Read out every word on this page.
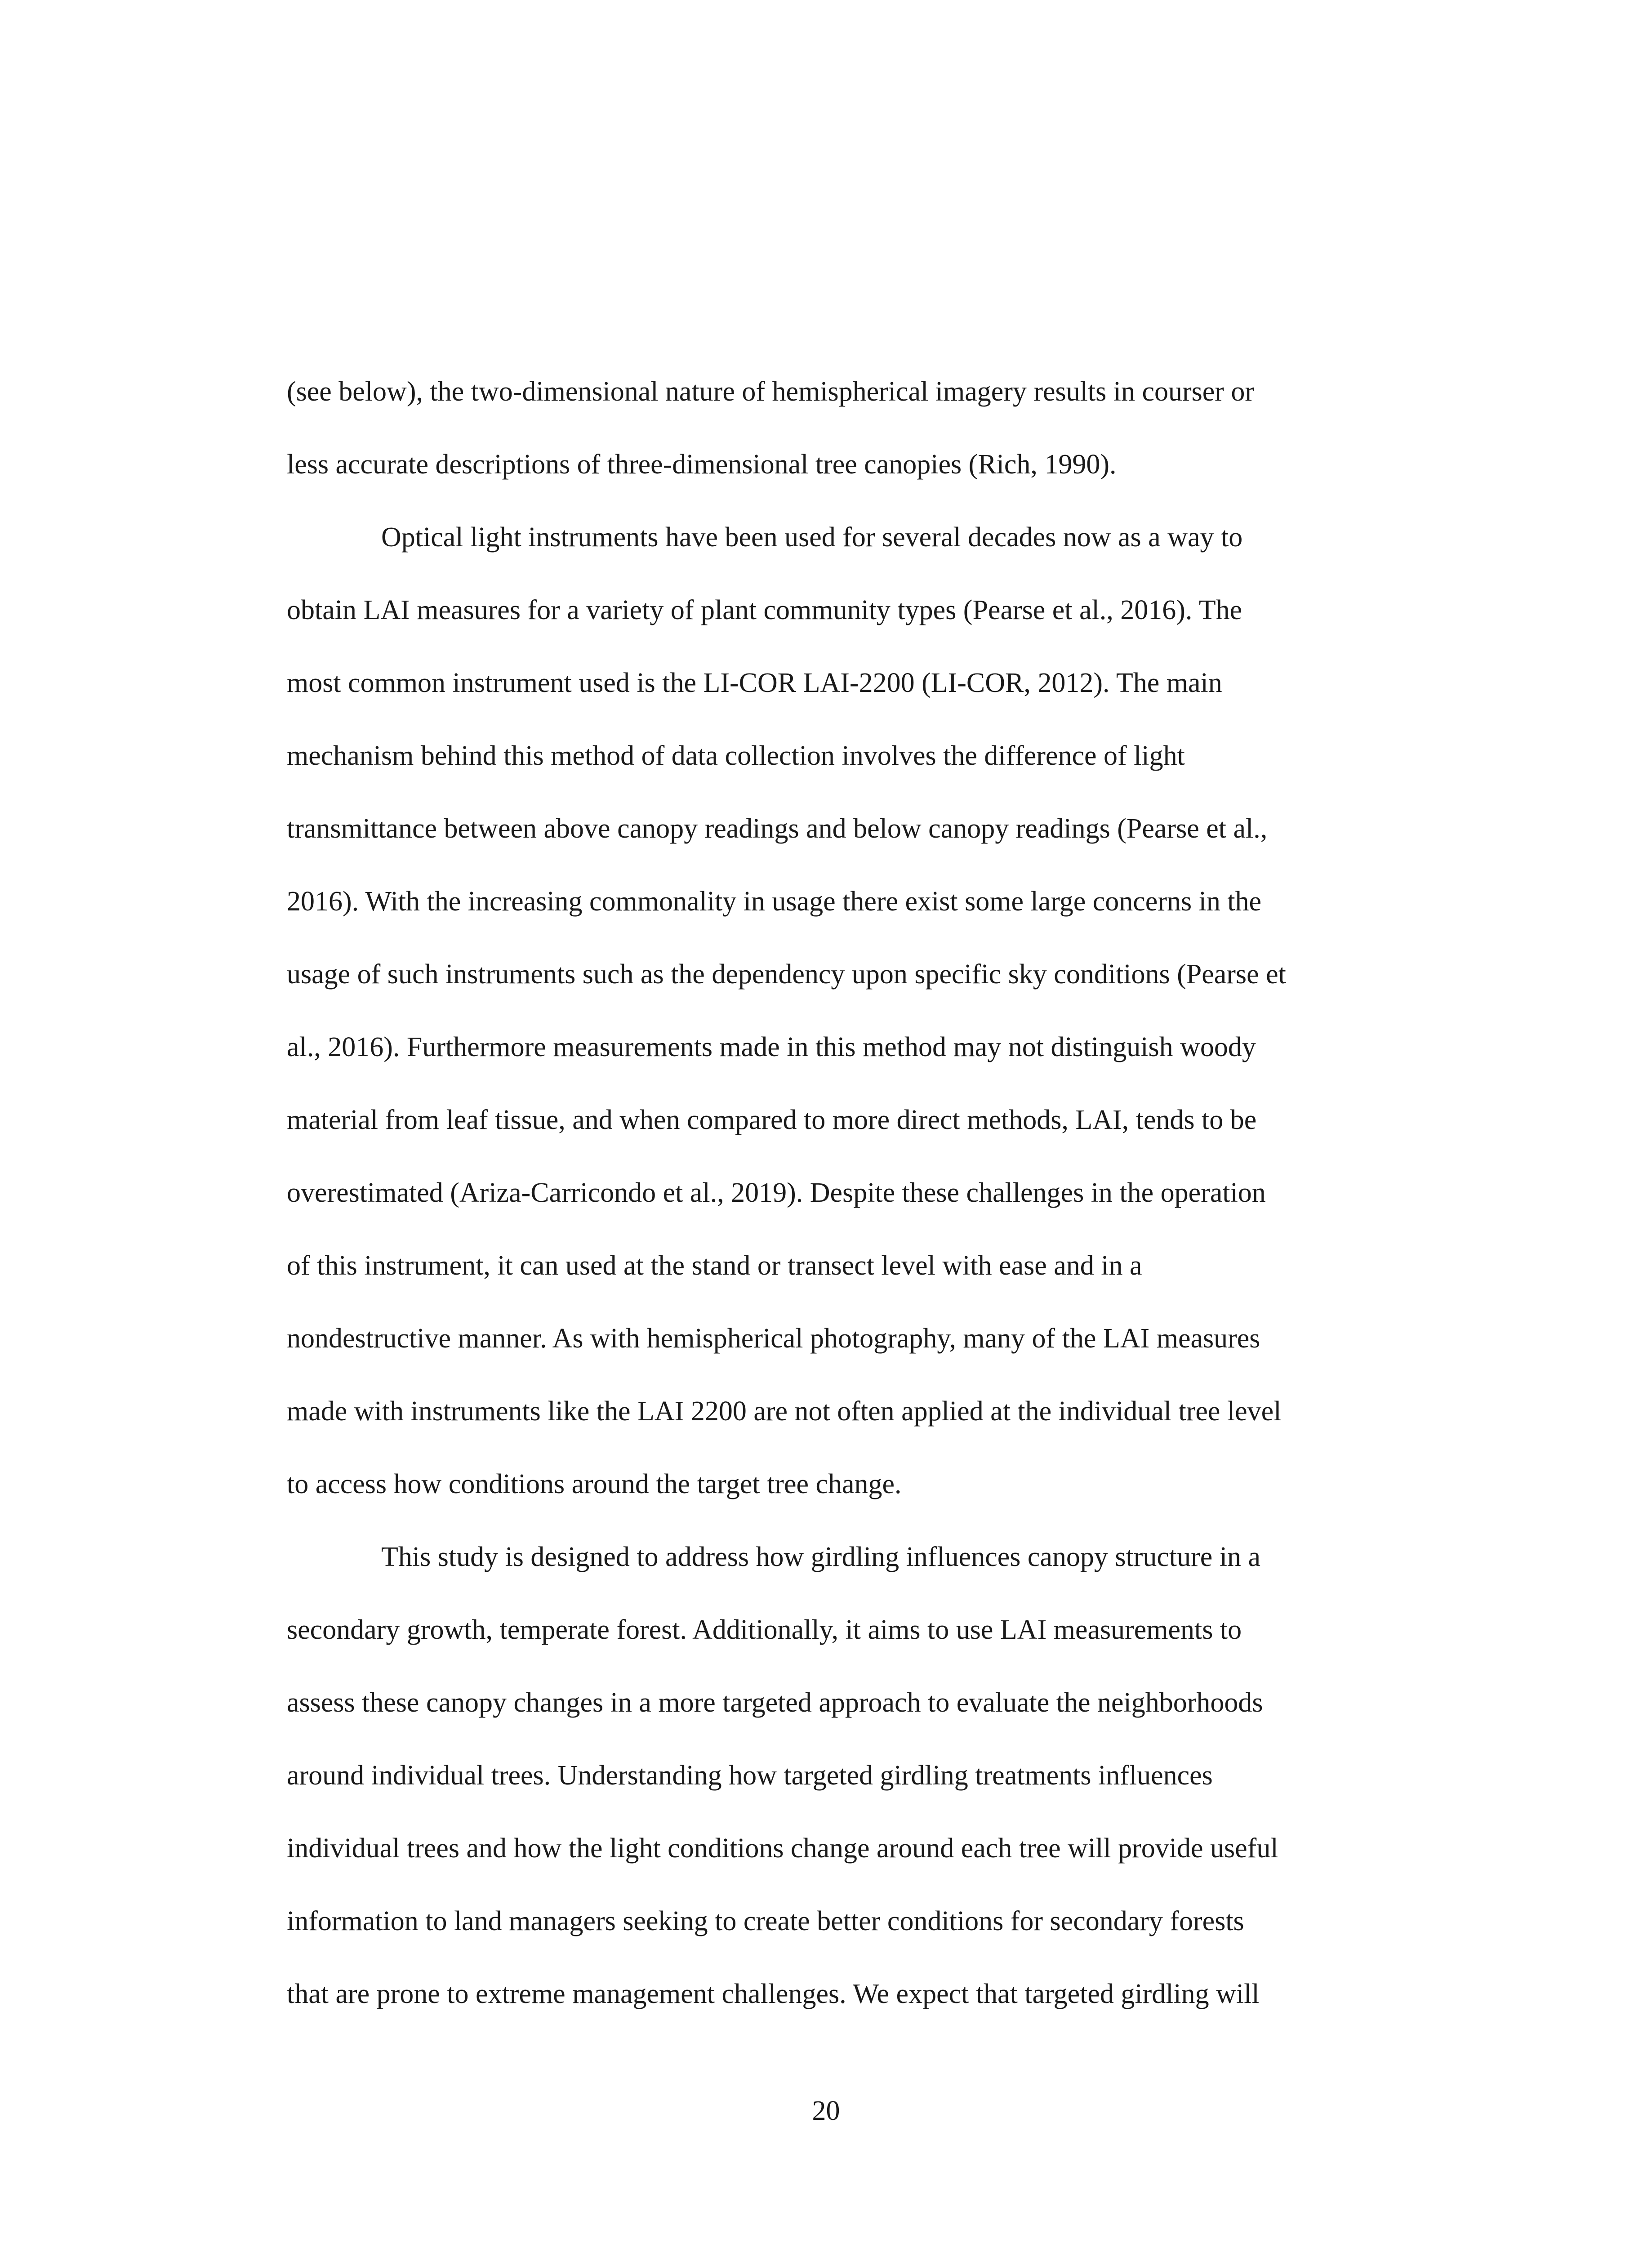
(see below), the two-dimensional nature of hemispherical imagery results in courser or
less accurate descriptions of three-dimensional tree canopies (Rich, 1990).
Optical light instruments have been used for several decades now as a way to
obtain LAI measures for a variety of plant community types (Pearse et al., 2016). The
most common instrument used is the LI-COR LAI-2200 (LI-COR, 2012). The main
mechanism behind this method of data collection involves the difference of light
transmittance between above canopy readings and below canopy readings (Pearse et al.,
2016). With the increasing commonality in usage there exist some large concerns in the
usage of such instruments such as the dependency upon specific sky conditions (Pearse et
al., 2016). Furthermore measurements made in this method may not distinguish woody
material from leaf tissue, and when compared to more direct methods, LAI, tends to be
overestimated (Ariza-Carricondo et al., 2019). Despite these challenges in the operation
of this instrument, it can used at the stand or transect level with ease and in a
nondestructive manner. As with hemispherical photography, many of the LAI measures
made with instruments like the LAI 2200 are not often applied at the individual tree level
to access how conditions around the target tree change.
This study is designed to address how girdling influences canopy structure in a
secondary growth, temperate forest. Additionally, it aims to use LAI measurements to
assess these canopy changes in a more targeted approach to evaluate the neighborhoods
around individual trees. Understanding how targeted girdling treatments influences
individual trees and how the light conditions change around each tree will provide useful
information to land managers seeking to create better conditions for secondary forests
that are prone to extreme management challenges. We expect that targeted girdling will
20
